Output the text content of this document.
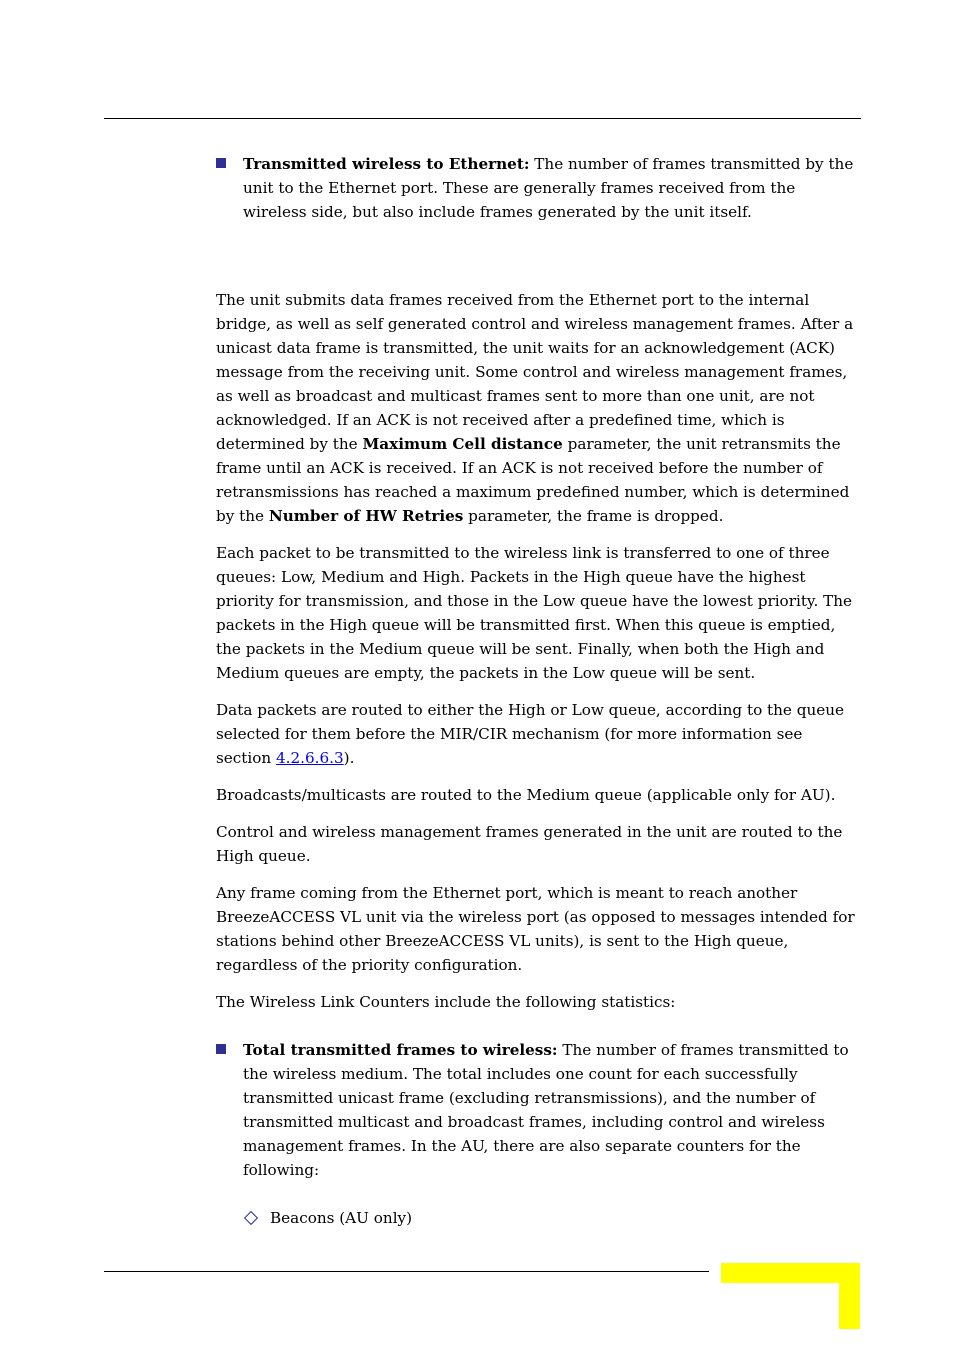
Transmitted wireless to Ethernet: The number of frames transmitted by the unit to the Ethernet port. These are generally frames received from the wireless side, but also include frames generated by the unit itself.

The unit submits data frames received from the Ethernet port to the internal bridge, as well as self generated control and wireless management frames. After a unicast data frame is transmitted, the unit waits for an acknowledgement (ACK) message from the receiving unit. Some control and wireless management frames, as well as broadcast and multicast frames sent to more than one unit, are not acknowledged. If an ACK is not received after a predefined time, which is determined by the Maximum Cell distance parameter, the unit retransmits the frame until an ACK is received. If an ACK is not received before the number of retransmissions has reached a maximum predefined number, which is determined by the Number of HW Retries parameter, the frame is dropped.

Each packet to be transmitted to the wireless link is transferred to one of three queues: Low, Medium and High. Packets in the High queue have the highest priority for transmission, and those in the Low queue have the lowest priority. The packets in the High queue will be transmitted first. When this queue is emptied, the packets in the Medium queue will be sent. Finally, when both the High and Medium queues are empty, the packets in the Low queue will be sent.

Data packets are routed to either the High or Low queue, according to the queue selected for them before the MIR/CIR mechanism (for more information see section 4.2.6.6.3).

Broadcasts/multicasts are routed to the Medium queue (applicable only for AU).

Control and wireless management frames generated in the unit are routed to the High queue.

Any frame coming from the Ethernet port, which is meant to reach another BreezeACCESS VL unit via the wireless port (as opposed to messages intended for stations behind other BreezeACCESS VL units), is sent to the High queue, regardless of the priority configuration.

The Wireless Link Counters include the following statistics:

Total transmitted frames to wireless: The number of frames transmitted to the wireless medium. The total includes one count for each successfully transmitted unicast frame (excluding retransmissions), and the number of transmitted multicast and broadcast frames, including control and wireless management frames. In the AU, there are also separate counters for the following:
Beacons (AU only)
